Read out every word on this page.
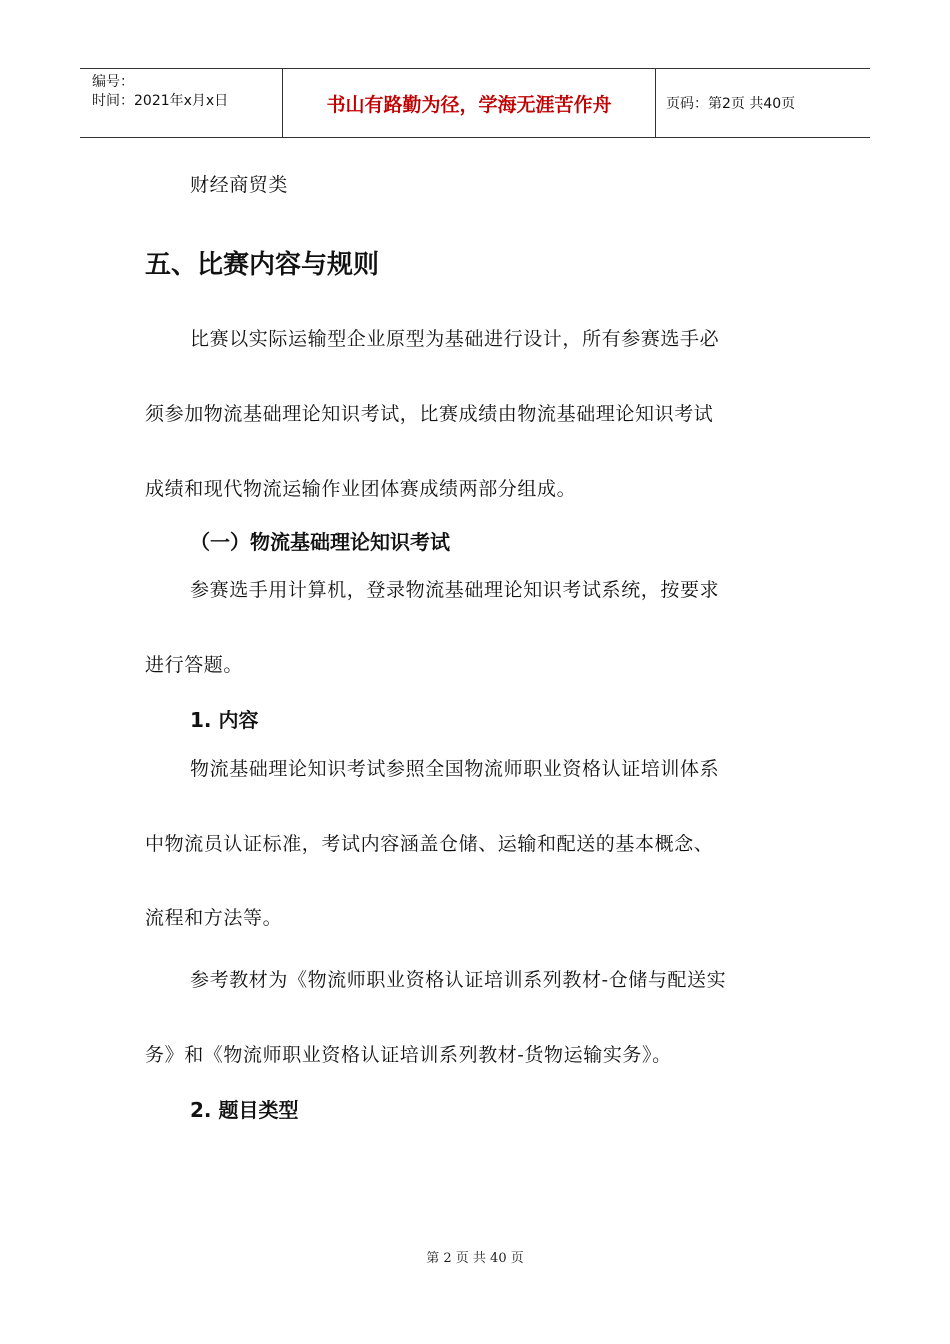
编号：
时间：2021年x月x日	书山有路勤为径，学海无涯苦作舟	页码：第2页 共40页
财经商贸类
五、比赛内容与规则
比赛以实际运输型企业原型为基础进行设计，所有参赛选手必
须参加物流基础理论知识考试，比赛成绩由物流基础理论知识考试
成绩和现代物流运输作业团体赛成绩两部分组成。
（一）物流基础理论知识考试
参赛选手用计算机，登录物流基础理论知识考试系统，按要求
进行答题。
1. 内容
物流基础理论知识考试参照全国物流师职业资格认证培训体系
中物流员认证标准，考试内容涵盖仓储、运输和配送的基本概念、
流程和方法等。
参考教材为《物流师职业资格认证培训系列教材-仓储与配送实
务》和《物流师职业资格认证培训系列教材-货物运输实务》。
2. 题目类型
第 2 页 共 40 页
